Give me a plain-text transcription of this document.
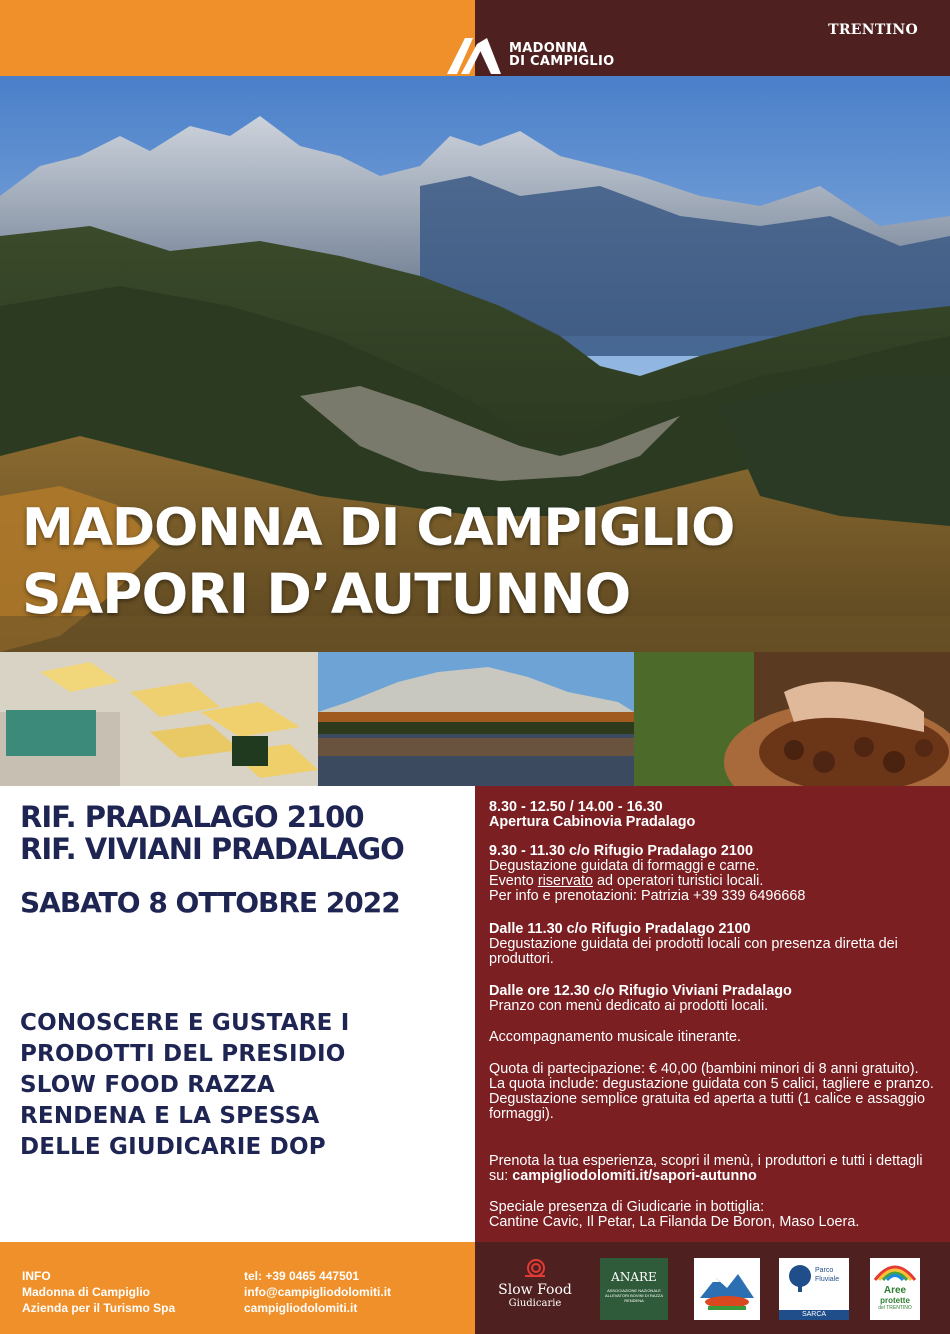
MADONNA
DI CAMPIGLIO
TRENTINO
MADONNA DI CAMPIGLIO
SAPORI D’AUTUNNO
RIF. PRADALAGO 2100
RIF. VIVIANI PRADALAGO
SABATO 8 OTTOBRE 2022
CONOSCERE E GUSTARE I
PRODOTTI DEL PRESIDIO
SLOW FOOD RAZZA
RENDENA E LA SPESSA
DELLE GIUDICARIE DOP

8.30 - 12.50 / 14.00 - 16.30

Apertura Cabinovia Pradalago

9.30 - 11.30 c/o Rifugio Pradalago 2100

Degustazione guidata di formaggi e carne.

Evento riservato ad operatori turistici locali.

Per info e prenotazioni: Patrizia +39 339 6496668

Dalle 11.30 c/o Rifugio Pradalago 2100

Degustazione guidata dei prodotti locali con presenza diretta dei produttori.

Dalle ore 12.30 c/o Rifugio Viviani Pradalago

Pranzo con menù dedicato ai prodotti locali.

Accompagnamento musicale itinerante.

Quota di partecipazione: € 40,00 (bambini minori di 8 anni gratuito).

La quota include: degustazione guidata con 5 calici, tagliere e pranzo. Degustazione semplice gratuita ed aperta a tutti (1 calice e assaggio formaggi).

Prenota la tua esperienza, scopri il menù, i produttori e tutti i dettagli su: campigliodolomiti.it/sapori-autunno

Speciale presenza di Giudicarie in bottiglia:

Cantine Cavic, Il Petar, La Filanda De Boron, Maso Loera.

INFO
Madonna di Campiglio
Azienda per il Turismo Spa
tel: +39 0465 447501
info@campigliodolomiti.it
campigliodolomiti.it
Slow Food
Giudicarie
ANARE
ASSOCIAZIONE NAZIONALE ALLEVATORI BOVINI DI RAZZA RENDENA
Parco
Fluviale
SARCA
Aree
protette
del TRENTINO
